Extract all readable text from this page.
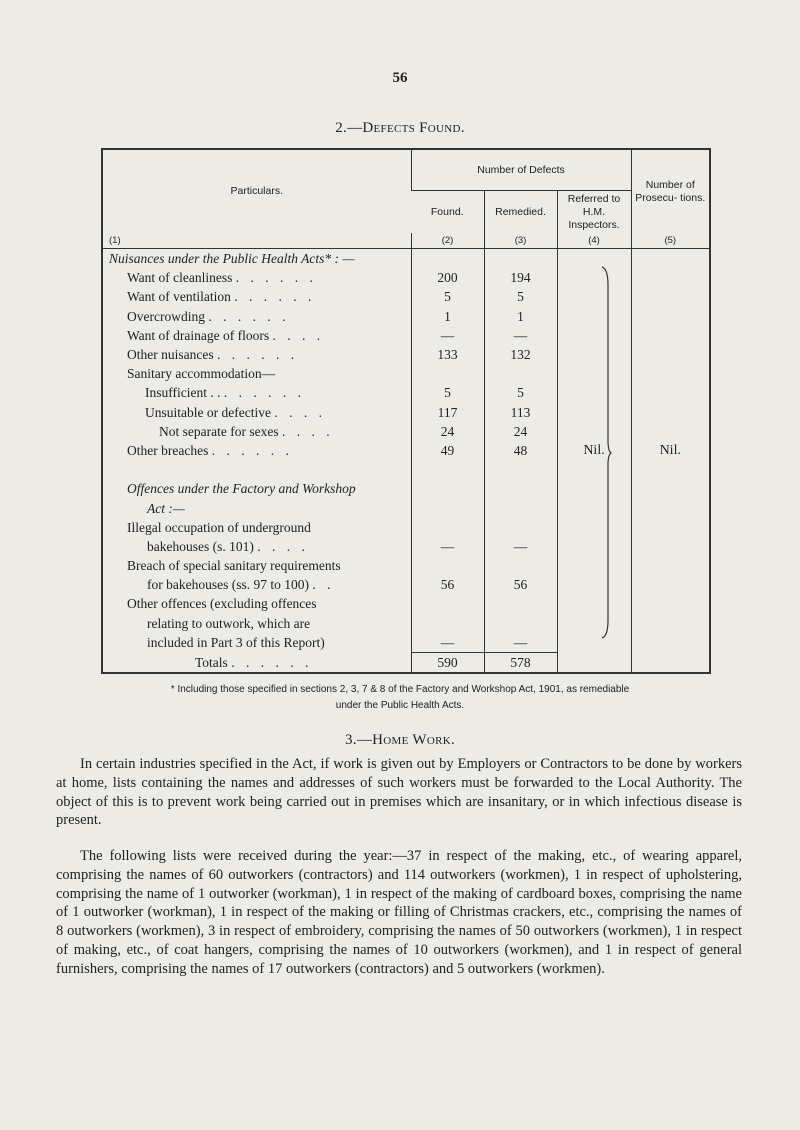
56
2.—Defects Found.
Particulars.	Number of Defects			Number of Prosecu- tions.
	Found.	Remedied.	Referred to H.M. Inspectors.	
(1)	(2)	(3)	(4)	(5)
Nuisances under the Public Health Acts* : —			Nil.	Nil.
Want of cleanliness . . . . . .	200	194		
Want of ventilation . . . . . .	5	5		
Overcrowding . . . . . .	1	1		
Want of drainage of floors . . . .	—	—		
Other nuisances . . . . . .	133	132		
Sanitary accommodation—				
Insufficient . . . . . . . .	5	5		
Unsuitable or defective . . . .	117	113		
Not separate for sexes . . . .	24	24		
Other breaches . . . . . .	49	48		

Offences under the Factory and Workshop				
Act :—				
Illegal occupation of underground				
bakehouses (s. 101) . . . .	—	—		
Breach of special sanitary requirements				
for bakehouses (ss. 97 to 100) . .	56	56		
Other offences (excluding offences				
relating to outwork, which are				
included in Part 3 of this Report)	—	—		
Totals . . . . . .	590	578		
* Including those specified in sections 2, 3, 7 & 8 of the Factory and Workshop Act, 1901, as remediable under the Public Health Acts.
3.—Home Work.

In certain industries specified in the Act, if work is given out by Employers or Contractors to be done by workers at home, lists containing the names and addresses of such workers must be forwarded to the Local Authority. The object of this is to prevent work being carried out in premises which are insanitary, or in which infectious disease is present.

The following lists were received during the year:—37 in respect of the making, etc., of wearing apparel, comprising the names of 60 outworkers (contractors) and 114 outworkers (workmen), 1 in respect of upholstering, comprising the name of 1 outworker (workman), 1 in respect of the making of cardboard boxes, comprising the name of 1 outworker (workman), 1 in respect of the making or filling of Christmas crackers, etc., comprising the names of 8 outworkers (workmen), 3 in respect of embroidery, comprising the names of 50 outworkers (workmen), 1 in respect of making, etc., of coat hangers, comprising the names of 10 outworkers (workmen), and 1 in respect of general furnishers, comprising the names of 17 outworkers (contractors) and 5 outworkers (workmen).
